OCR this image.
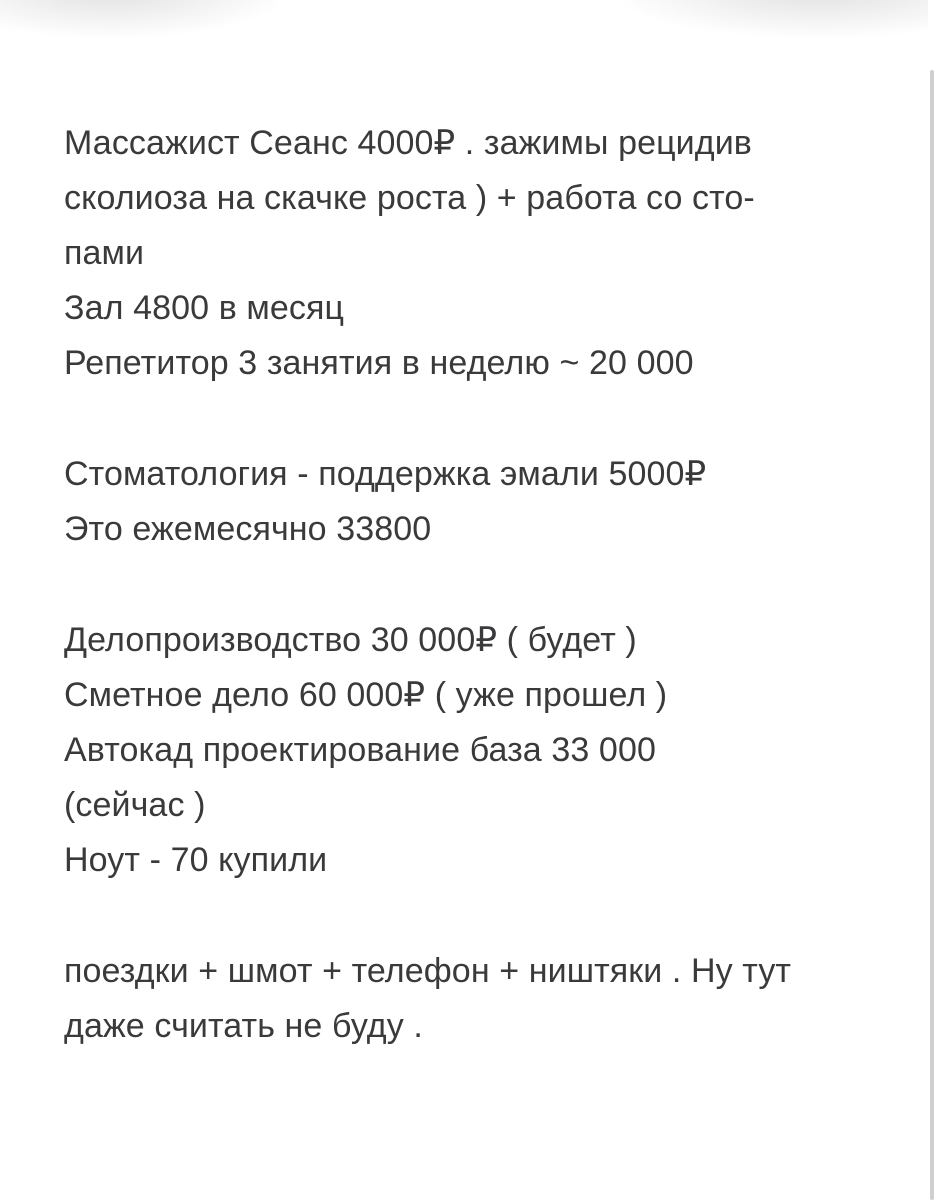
Массажист Сеанс 4000₽ . зажимы рецидив
сколиоза на скачке роста ) + работа со сто-
пами
Зал 4800 в месяц
Репетитор 3 занятия в неделю ~ 20 000
Стоматология - поддержка эмали 5000₽
Это ежемесячно 33800
Делопроизводство 30 000₽ ( будет )
Сметное дело 60 000₽ ( уже прошел )
Автокад проектирование база 33 000
(сейчас )
Ноут - 70 купили
поездки + шмот + телефон + ништяки . Ну тут
даже считать не буду .
